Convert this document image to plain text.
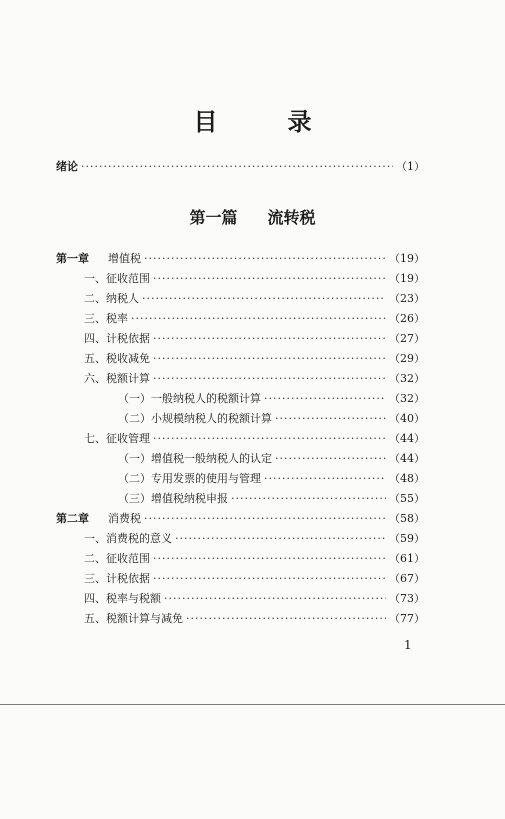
目	录
绪论 ·····	（1）
第一篇 流转税
第一章	增值税 ·····	（19）
一、征收范围 ·····	（19）
二、纳税人 ·····	（23）
三、税率 ·····	（26）
四、计税依据 ·····	（27）
五、税收减免 ·····	（29）
六、税额计算 ·····	（32）
（一）一般纳税人的税额计算 ·····	（32）
（二）小规模纳税人的税额计算 ·····	（40）
七、征收管理 ·····	（44）
（一）增值税一般纳税人的认定 ·····	（44）
（二）专用发票的使用与管理 ·····	（48）
（三）增值税纳税申报 ·····	（55）
第二章	消费税 ·····	（58）
一、消费税的意义 ·····	（59）
二、征收范围 ·····	（61）
三、计税依据 ·····	（67）
四、税率与税额 ·····	（73）
五、税额计算与减免 ·····	（77）
1
